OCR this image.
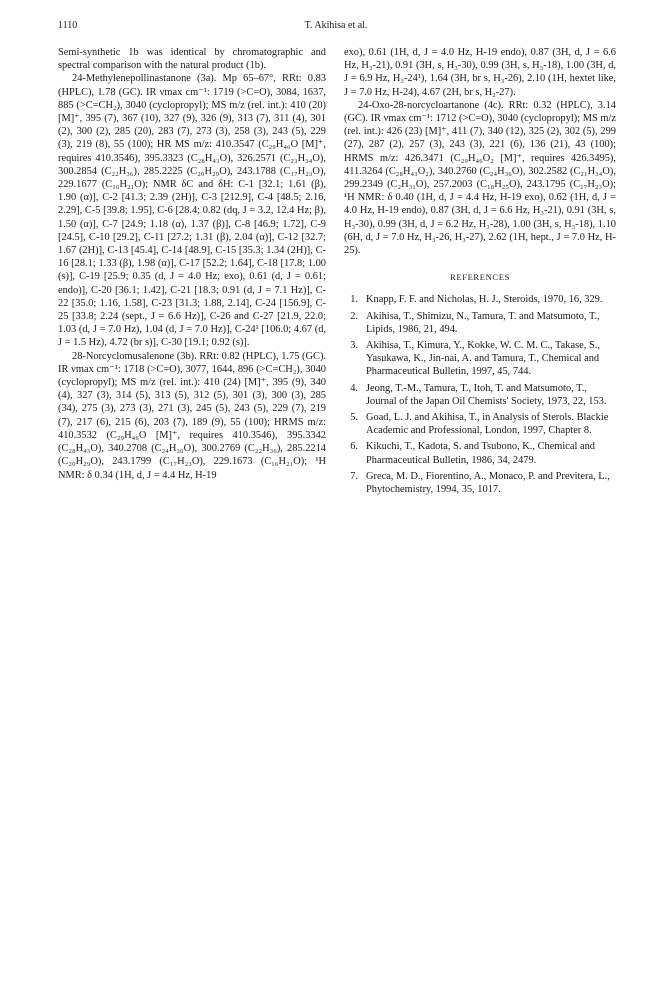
1110	T. Akihisa et al.

Semi-synthetic 1b was identical by chromatographic and spectral comparison with the natural product (1b).

24-Methylenepollinastanone (3a). Mp 65–67°, RRt: 0.83 (HPLC), 1.78 (GC). IR νmax cm⁻¹: 1719 (>C=O), 3084, 1637, 885 (>C=CH₂), 3040 (cyclopropyl); MS m/z (rel. int.): 410 (20) [M]⁺, 395 (7), 367 (10), 327 (9), 326 (9), 313 (7), 311 (4), 301 (2), 300 (2), 285 (20), 283 (7), 273 (3), 258 (3), 243 (5), 229 (3), 219 (8), 55 (100); HR MS m/z: 410.3547 (C₂₉H₄₆O [M]⁺, requires 410.3546), 395.3323 (C₂₈H₄₃O), 326.2571 (C₂₃H₃₄O), 300.2854 (C₂₂H₃₆), 285.2225 (C₂₀H₂₉O), 243.1788 (C₁₇H₂₃O), 229.1677 (C₁₆H₂₁O); NMR δC and δH: C-1 [32.1; 1.61 (β), 1.90 (α)], C-2 [41.3; 2.39 (2H)], C-3 [212.9], C-4 [48.5; 2.16, 2.29], C-5 [39.8; 1.95], C-6 [28.4; 0.82 (dq, J = 3.2, 12.4 Hz; β), 1.50 (α)], C-7 [24.9; 1.18 (α), 1.37 (β)], C-8 [46.9; 1.72], C-9 [24.5], C-10 [29.2], C-11 [27.2; 1.31 (β), 2.04 (α)], C-12 [32.7; 1.67 (2H)], C-13 [45.4], C-14 [48.9], C-15 [35.3; 1.34 (2H)], C-16 [28.1; 1.33 (β), 1.98 (α)], C-17 [52.2; 1.64], C-18 [17.8; 1.00 (s)], C-19 [25.9; 0.35 (d, J = 4.0 Hz; exo), 0.61 (d, J = 0.61; endo)], C-20 [36.1; 1.42], C-21 [18.3; 0.91 (d, J = 7.1 Hz)], C-22 [35.0; 1.16, 1.58], C-23 [31.3; 1.88, 2.14], C-24 [156.9], C-25 [33.8; 2.24 (sept., J = 6.6 Hz)], C-26 and C-27 [21.9, 22.0; 1.03 (d, J = 7.0 Hz), 1.04 (d, J = 7.0 Hz)], C-24¹ [106.0; 4.67 (d, J = 1.5 Hz), 4.72 (br s)], C-30 [19.1; 0.92 (s)].

28-Norcyclomusalenone (3b). RRt: 0.82 (HPLC), 1.75 (GC). IR νmax cm⁻¹: 1718 (>C=O), 3077, 1644, 896 (>C=CH₂), 3040 (cyclopropyl); MS m/z (rel. int.): 410 (24) [M]⁺, 395 (9), 340 (4), 327 (3), 314 (5), 313 (5), 312 (5), 301 (3), 300 (3), 285 (34), 275 (3), 273 (3), 271 (3), 245 (5), 243 (5), 229 (7), 219 (7), 217 (6), 215 (6), 203 (7), 189 (9), 55 (100); HRMS m/z: 410.3532 (C₂₉H₄₆O [M]⁺, requires 410.3546), 395.3342 (C₂₈H₄₃O), 340.2708 (C₂₄H₃₆O), 300.2769 (C₂₂H₃₆), 285.2214 (C₂₀H₂₉O), 243.1799 (C₁₇H₂₃O), 229.1673 (C₁₆H₂₁O); ¹H NMR: δ 0.34 (1H, d, J = 4.4 Hz, H-19

exo), 0.61 (1H, d, J = 4.0 Hz, H-19 endo), 0.87 (3H, d, J = 6.6 Hz, H₃-21), 0.91 (3H, s, H₃-30), 0.99 (3H, s, H₃-18), 1.00 (3H, d, J = 6.9 Hz, H₃-24¹), 1.64 (3H, br s, H₃-26), 2.10 (1H, hextet like, J = 7.0 Hz, H-24), 4.67 (2H, br s, H₂-27).

24-Oxo-28-norcycloartanone (4c). RRt: 0.32 (HPLC), 3.14 (GC). IR νmax cm⁻¹: 1712 (>C=O), 3040 (cyclopropyl); MS m/z (rel. int.): 426 (23) [M]⁺, 411 (7), 340 (12), 325 (2), 302 (5), 299 (27), 287 (2), 257 (3), 243 (3), 221 (6), 136 (21), 43 (100); HRMS m/z: 426.3471 (C₂₉H₄₆O₂ [M]⁺, requires 426.3495), 411.3264 (C₂₈H₄₃O₂), 340.2760 (C₂₄H₃₆O), 302.2582 (C₂₁H₃₄O), 299.2349 (C₂H₃₁O), 257.2003 (C₁₈H₂₅O), 243.1795 (C₁₇H₂₃O); ¹H NMR: δ 0.40 (1H, d, J = 4.4 Hz, H-19 exo), 0.62 (1H, d, J = 4.0 Hz, H-19 endo), 0.87 (3H, d, J = 6.6 Hz, H₃-21), 0.91 (3H, s, H₃-30), 0.99 (3H, d, J = 6.2 Hz, H₃-28), 1.00 (3H, s, H₃-18), 1.10 (6H, d, J = 7.0 Hz, H₃-26, H₃-27), 2.62 (1H, hept., J = 7.0 Hz, H-25).

REFERENCES
1. Knapp, F. F. and Nicholas, H. J., Steroids, 1970, 16, 329.
2. Akihisa, T., Shimizu, N., Tamura, T. and Matsumoto, T., Lipids, 1986, 21, 494.
3. Akihisa, T., Kimura, Y., Kokke, W. C. M. C., Takase, S., Yasukawa, K., Jin-nai, A. and Tamura, T., Chemical and Pharmaceutical Bulletin, 1997, 45, 744.
4. Jeong, T.-M., Tamura, T., Itoh, T. and Matsumoto, T., Journal of the Japan Oil Chemists' Society, 1973, 22, 153.
5. Goad, L. J. and Akihisa, T., in Analysis of Sterols. Blackie Academic and Professional, London, 1997, Chapter 8.
6. Kikuchi, T., Kadota, S. and Tsubono, K., Chemical and Pharmaceutical Bulletin, 1986, 34, 2479.
7. Greca, M. D., Fiorentino, A., Monaco, P. and Previtera, L., Phytochemistry, 1994, 35, 1017.
